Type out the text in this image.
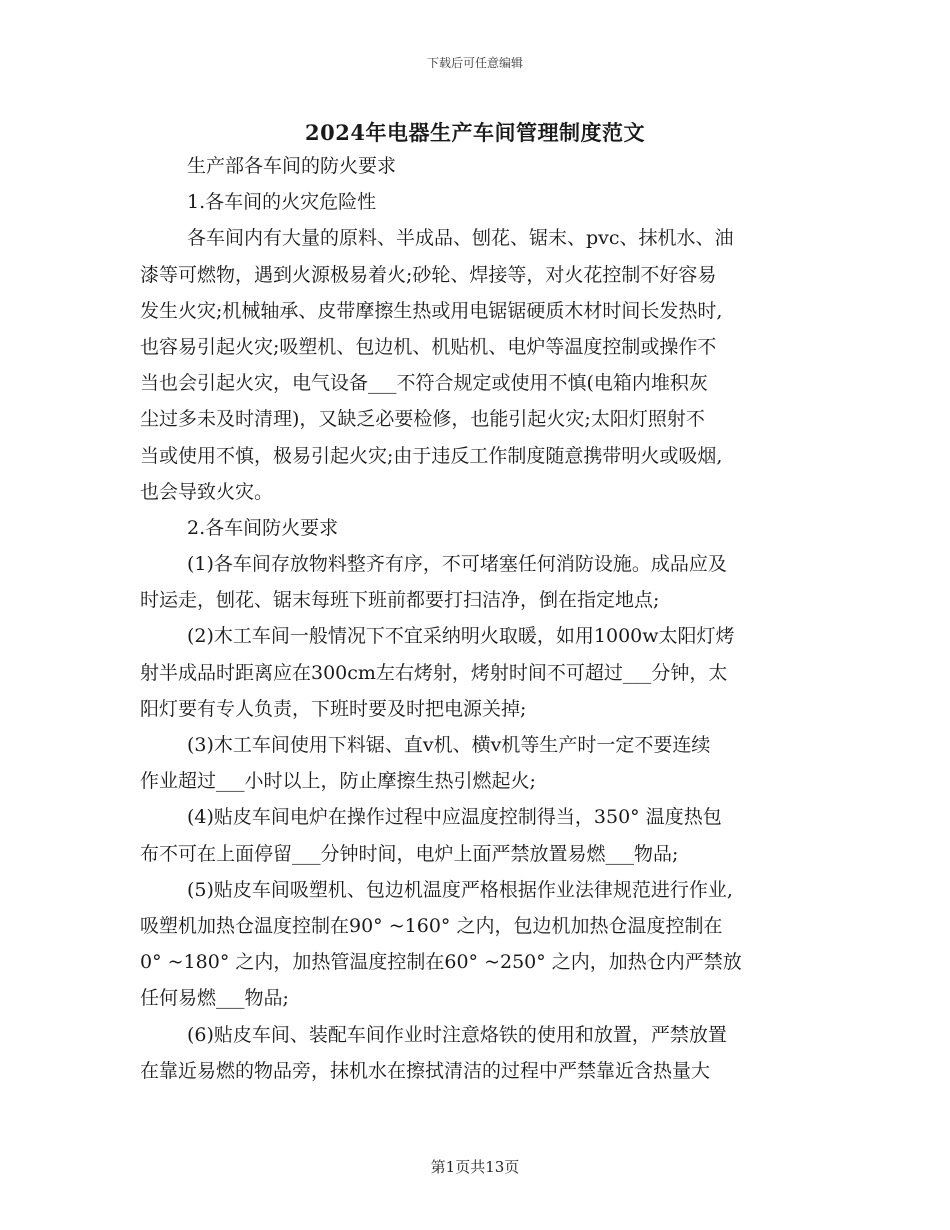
下载后可任意编辑
2024年电器生产车间管理制度范文
生产部各车间的防火要求
1.各车间的火灾危险性
各车间内有大量的原料、半成品、刨花、锯末、pvc、抹机水、油
漆等可燃物，遇到火源极易着火;砂轮、焊接等，对火花控制不好容易
发生火灾;机械轴承、皮带摩擦生热或用电锯锯硬质木材时间长发热时,
也容易引起火灾;吸塑机、包边机、机贴机、电炉等温度控制或操作不
当也会引起火灾，电气设备___不符合规定或使用不慎(电箱内堆积灰
尘过多未及时清理)，又缺乏必要检修，也能引起火灾;太阳灯照射不
当或使用不慎，极易引起火灾;由于违反工作制度随意携带明火或吸烟,
也会导致火灾。
2.各车间防火要求
(1)各车间存放物料整齐有序，不可堵塞任何消防设施。成品应及
时运走，刨花、锯末每班下班前都要打扫洁净，倒在指定地点;
(2)木工车间一般情况下不宜采纳明火取暖，如用1000w太阳灯烤
射半成品时距离应在300cm左右烤射，烤射时间不可超过___分钟，太
阳灯要有专人负责，下班时要及时把电源关掉;
(3)木工车间使用下料锯、直v机、横v机等生产时一定不要连续
作业超过___小时以上，防止摩擦生热引燃起火;
(4)贴皮车间电炉在操作过程中应温度控制得当，350° 温度热包
布不可在上面停留___分钟时间，电炉上面严禁放置易燃___物品;
(5)贴皮车间吸塑机、包边机温度严格根据作业法律规范进行作业,
吸塑机加热仓温度控制在90° ~160° 之内，包边机加热仓温度控制在
0° ~180° 之内，加热管温度控制在60° ~250° 之内，加热仓内严禁放
任何易燃___物品;
(6)贴皮车间、装配车间作业时注意烙铁的使用和放置，严禁放置
在靠近易燃的物品旁，抹机水在擦拭清洁的过程中严禁靠近含热量大
第1页共13页
